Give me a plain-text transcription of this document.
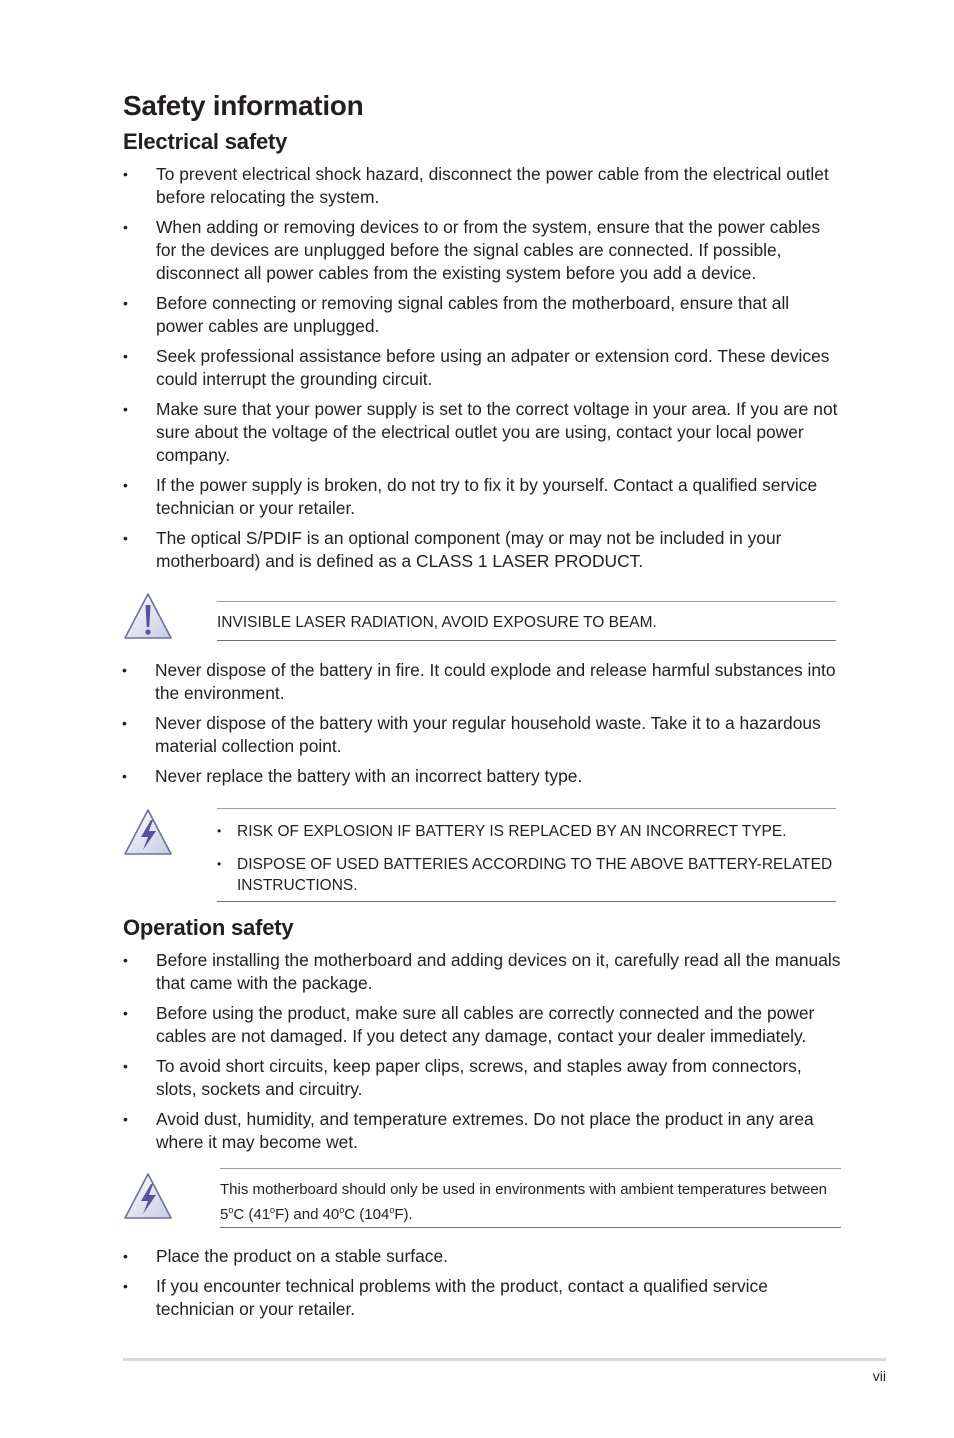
Safety information
Electrical safety
• To prevent electrical shock hazard, disconnect the power cable from the electrical outlet before relocating the system.
• When adding or removing devices to or from the system, ensure that the power cables for the devices are unplugged before the signal cables are connected. If possible, disconnect all power cables from the existing system before you add a device.
• Before connecting or removing signal cables from the motherboard, ensure that all power cables are unplugged.
• Seek professional assistance before using an adpater or extension cord. These devices could interrupt the grounding circuit.
• Make sure that your power supply is set to the correct voltage in your area. If you are not sure about the voltage of the electrical outlet you are using, contact your local power company.
• If the power supply is broken, do not try to fix it by yourself. Contact a qualified service technician or your retailer.
• The optical S/PDIF is an optional component (may or may not be included in your motherboard) and is defined as a CLASS 1 LASER PRODUCT.
INVISIBLE LASER RADIATION, AVOID EXPOSURE TO BEAM.
• Never dispose of the battery in fire. It could explode and release harmful substances into the environment.
• Never dispose of the battery with your regular household waste. Take it to a hazardous material collection point.
• Never replace the battery with an incorrect battery type.
• RISK OF EXPLOSION IF BATTERY IS REPLACED BY AN INCORRECT TYPE.
• DISPOSE OF USED BATTERIES ACCORDING TO THE ABOVE BATTERY-RELATED INSTRUCTIONS.
Operation safety
• Before installing the motherboard and adding devices on it, carefully read all the manuals that came with the package.
• Before using the product, make sure all cables are correctly connected and the power cables are not damaged. If you detect any damage, contact your dealer immediately.
• To avoid short circuits, keep paper clips, screws, and staples away from connectors, slots, sockets and circuitry.
• Avoid dust, humidity, and temperature extremes. Do not place the product in any area where it may become wet.
This motherboard should only be used in environments with ambient temperatures between 5$^o$C (41$^o$F) and 40$^o$C (104$^o$F).
• Place the product on a stable surface.
• If you encounter technical problems with the product, contact a qualified service technician or your retailer.
vii
